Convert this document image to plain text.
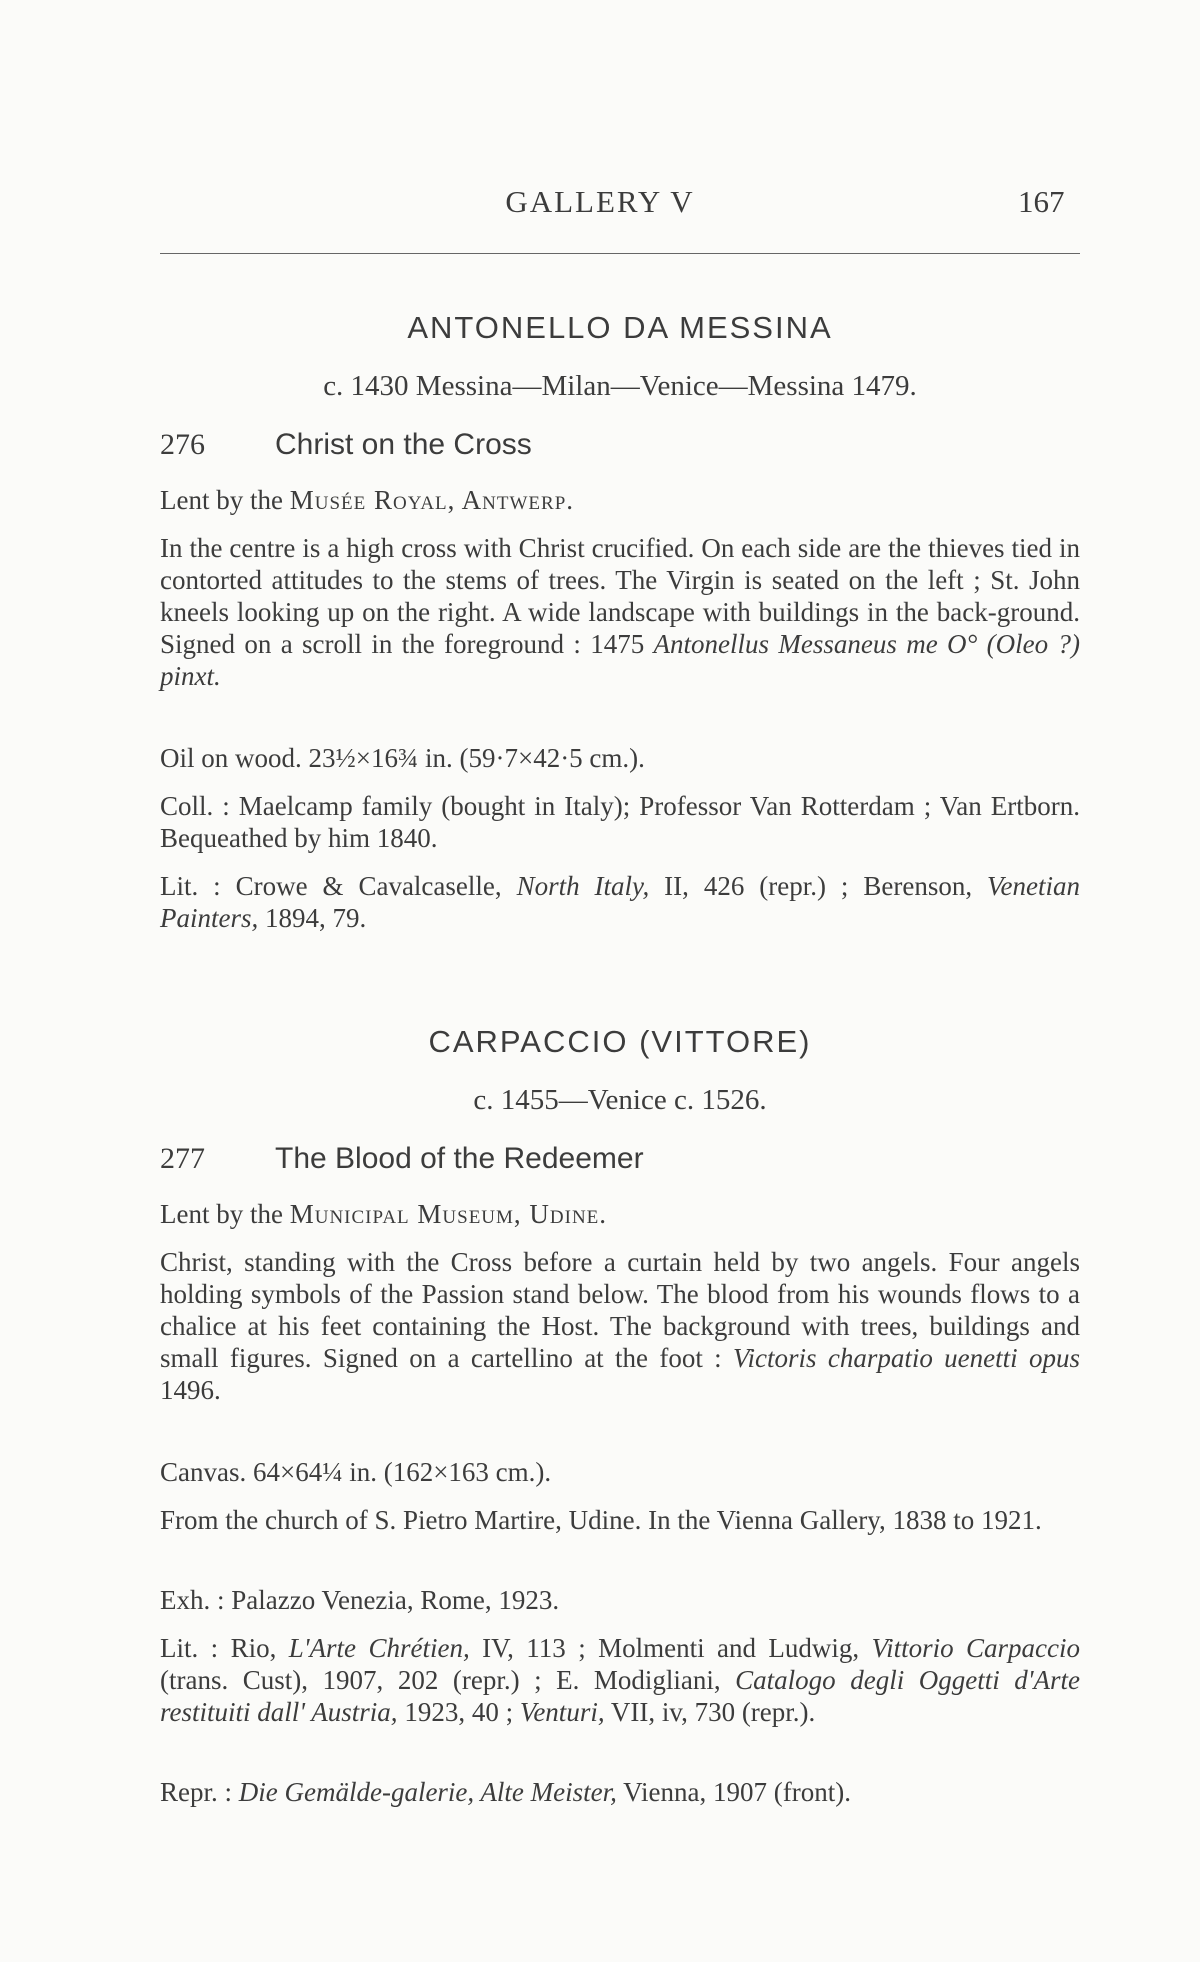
GALLERY V	167
ANTONELLO DA MESSINA
c. 1430 Messina—Milan—Venice—Messina 1479.
276 Christ on the Cross

Lent by the Musée Royal, Antwerp.

In the centre is a high cross with Christ crucified. On each side are the thieves tied in contorted attitudes to the stems of trees. The Virgin is seated on the left ; St. John kneels looking up on the right. A wide landscape with buildings in the back-ground. Signed on a scroll in the foreground : 1475 Antonellus Messaneus me O° (Oleo ?) pinxt.

Oil on wood. 23½×16¾ in. (59·7×42·5 cm.).

Coll. : Maelcamp family (bought in Italy); Professor Van Rotterdam ; Van Ertborn. Bequeathed by him 1840.

Lit. : Crowe & Cavalcaselle, North Italy, II, 426 (repr.) ; Berenson, Venetian Painters, 1894, 79.

CARPACCIO (VITTORE)
c. 1455—Venice c. 1526.
277 The Blood of the Redeemer

Lent by the Municipal Museum, Udine.

Christ, standing with the Cross before a curtain held by two angels. Four angels holding symbols of the Passion stand below. The blood from his wounds flows to a chalice at his feet containing the Host. The background with trees, buildings and small figures. Signed on a cartellino at the foot : Victoris charpatio uenetti opus 1496.

Canvas. 64×64¼ in. (162×163 cm.).

From the church of S. Pietro Martire, Udine. In the Vienna Gallery, 1838 to 1921.

Exh. : Palazzo Venezia, Rome, 1923.

Lit. : Rio, L'Arte Chrétien, IV, 113 ; Molmenti and Ludwig, Vittorio Carpaccio (trans. Cust), 1907, 202 (repr.) ; E. Modigliani, Catalogo degli Oggetti d'Arte restituiti dall' Austria, 1923, 40 ; Venturi, VII, iv, 730 (repr.).

Repr. : Die Gemälde-galerie, Alte Meister, Vienna, 1907 (front).
